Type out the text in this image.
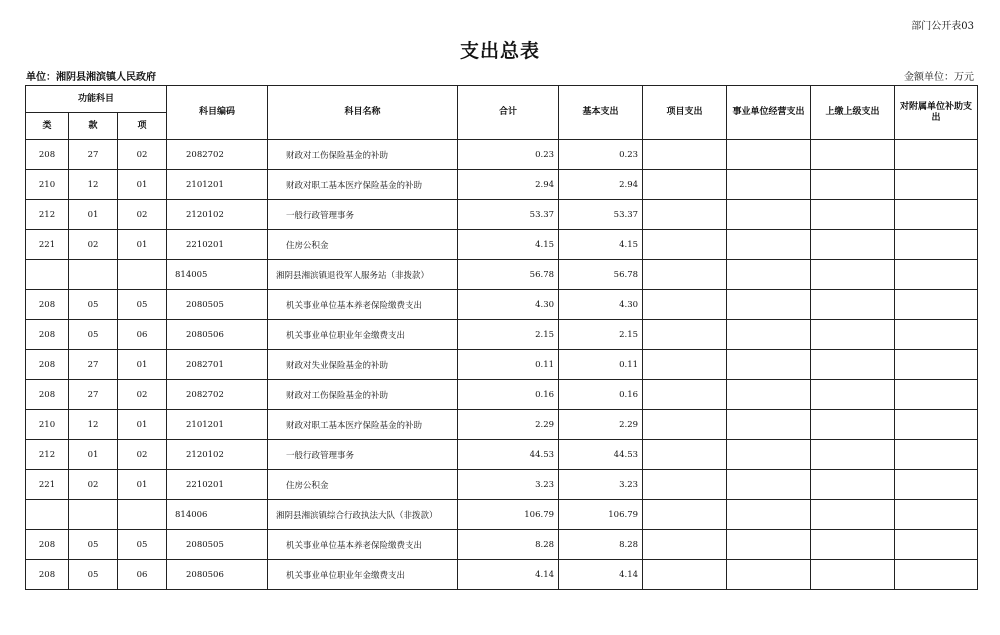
部门公开表03
支出总表
单位：湘阴县湘滨镇人民政府	金额单位：万元
功能科目			科目编码	科目名称	合计	基本支出	项目支出	事业单位经营支出	上缴上级支出	对附属单位补助支出
类	款	项								
208	27	02	2082702	财政对工伤保险基金的补助	0.23	0.23				
210	12	01	2101201	财政对职工基本医疗保险基金的补助	2.94	2.94				
212	01	02	2120102	一般行政管理事务	53.37	53.37				
221	02	01	2210201	住房公积金	4.15	4.15				
			814005	湘阴县湘滨镇退役军人服务站（非拨款）	56.78	56.78				
208	05	05	2080505	机关事业单位基本养老保险缴费支出	4.30	4.30				
208	05	06	2080506	机关事业单位职业年金缴费支出	2.15	2.15				
208	27	01	2082701	财政对失业保险基金的补助	0.11	0.11				
208	27	02	2082702	财政对工伤保险基金的补助	0.16	0.16				
210	12	01	2101201	财政对职工基本医疗保险基金的补助	2.29	2.29				
212	01	02	2120102	一般行政管理事务	44.53	44.53				
221	02	01	2210201	住房公积金	3.23	3.23				
			814006	湘阴县湘滨镇综合行政执法大队（非拨款）	106.79	106.79				
208	05	05	2080505	机关事业单位基本养老保险缴费支出	8.28	8.28				
208	05	06	2080506	机关事业单位职业年金缴费支出	4.14	4.14				
